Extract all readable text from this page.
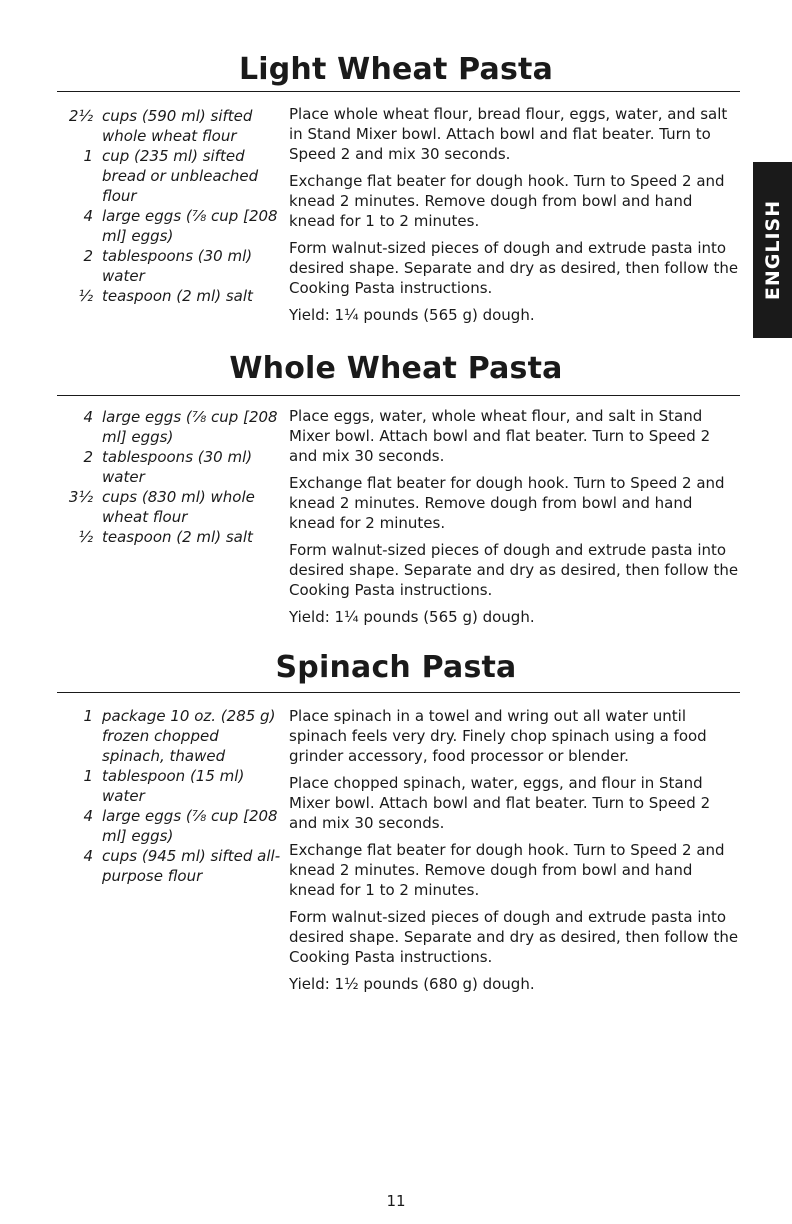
Light Wheat Pasta
2½ cups (590 ml) sifted whole wheat flour
1 cup (235 ml) sifted bread or unbleached flour
4 large eggs (⁷⁄₈ cup [208 ml] eggs)
2 tablespoons (30 ml) water
½ teaspoon (2 ml) salt

Place whole wheat flour, bread flour, eggs, water, and salt in Stand Mixer bowl. Attach bowl and flat beater. Turn to Speed 2 and mix 30 seconds.

Exchange flat beater for dough hook. Turn to Speed 2 and knead 2 minutes. Remove dough from bowl and hand knead for 1 to 2 minutes.

Form walnut-sized pieces of dough and extrude pasta into desired shape. Separate and dry as desired, then follow the Cooking Pasta instructions.

Yield: 1¼ pounds (565 g) dough.

Whole Wheat Pasta
4 large eggs (⁷⁄₈ cup [208 ml] eggs)
2 tablespoons (30 ml) water
3½ cups (830 ml) whole wheat flour
½ teaspoon (2 ml) salt

Place eggs, water, whole wheat flour, and salt in Stand Mixer bowl. Attach bowl and flat beater. Turn to Speed 2 and mix 30 seconds.

Exchange flat beater for dough hook. Turn to Speed 2 and knead 2 minutes. Remove dough from bowl and hand knead for 2 minutes.

Form walnut-sized pieces of dough and extrude pasta into desired shape. Separate and dry as desired, then follow the Cooking Pasta instructions.

Yield: 1¼ pounds (565 g) dough.

Spinach Pasta
1 package 10 oz. (285 g) frozen chopped spinach, thawed
1 tablespoon (15 ml) water
4 large eggs (⁷⁄₈ cup [208 ml] eggs)
4 cups (945 ml) sifted all-purpose flour

Place spinach in a towel and wring out all water until spinach feels very dry. Finely chop spinach using a food grinder accessory, food processor or blender.

Place chopped spinach, water, eggs, and flour in Stand Mixer bowl. Attach bowl and flat beater. Turn to Speed 2 and mix 30 seconds.

Exchange flat beater for dough hook. Turn to Speed 2 and knead 2 minutes. Remove dough from bowl and hand knead for 1 to 2 minutes.

Form walnut-sized pieces of dough and extrude pasta into desired shape. Separate and dry as desired, then follow the Cooking Pasta instructions.

Yield: 1½ pounds (680 g) dough.

ENGLISH
11
